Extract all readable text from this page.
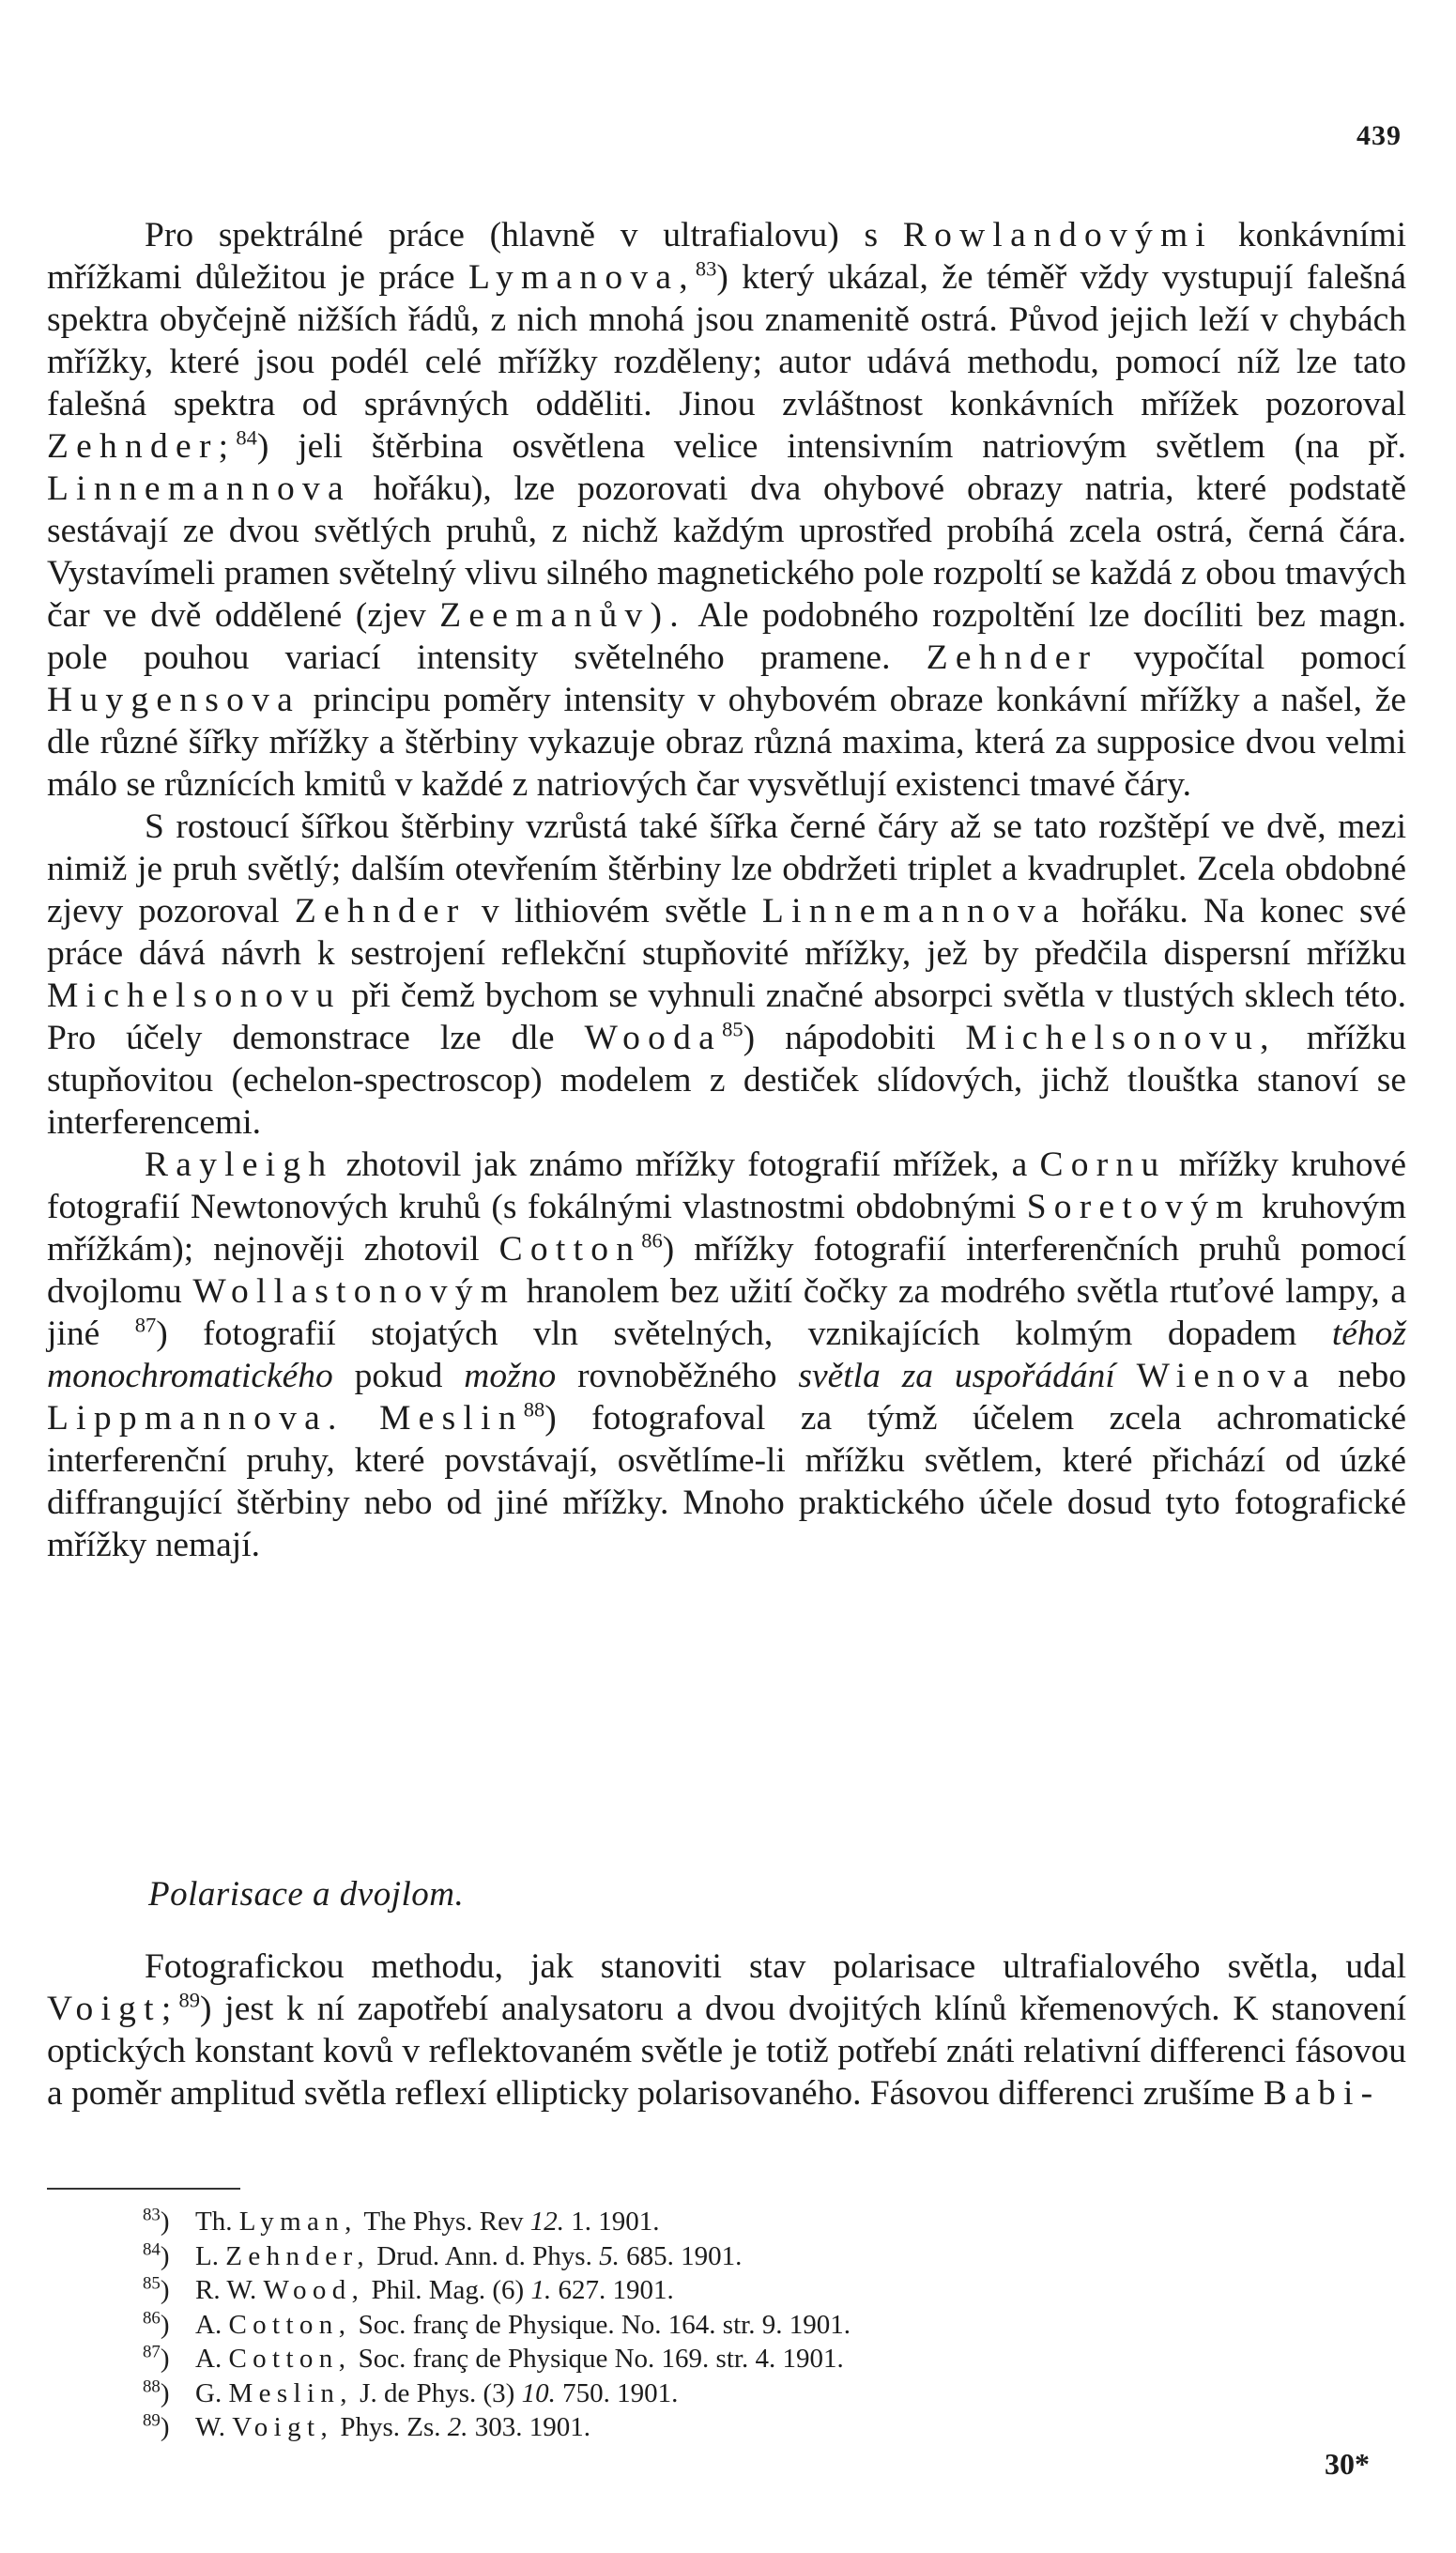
439

Pro spektrálné práce (hlavně v ultrafialovu) s Rowlandovými konkávními mřížkami důležitou je práce Lymanova,$^{83}$) který ukázal, že téměř vždy vystupují falešná spektra obyčejně nižších řádů, z nich mnohá jsou znamenitě ostrá. Původ jejich leží v chybách mřížky, které jsou podél celé mřížky rozděleny; autor udává methodu, pomocí níž lze tato falešná spektra od správných odděliti. Jinou zvláštnost konkávních mřížek pozoroval Zehnder;$^{84}$) jeli štěrbina osvětlena velice intensivním natriovým světlem (na př. Linnemannova hořáku), lze pozorovati dva ohybové obrazy natria, které podstatě sestávají ze dvou světlých pruhů, z nichž každým uprostřed probíhá zcela ostrá, černá čára. Vystavímeli pramen světelný vlivu silného magnetického pole rozpoltí se každá z obou tmavých čar ve dvě oddělené (zjev Zeemanův). Ale podobného rozpoltění lze docíliti bez magn. pole pouhou variací intensity světelného pramene. Zehnder vypočítal pomocí Huygensova principu poměry intensity v ohybovém obraze konkávní mřížky a našel, že dle různé šířky mřížky a štěrbiny vykazuje obraz různá maxima, která za supposice dvou velmi málo se různících kmitů v každé z natriových čar vysvětlují existenci tmavé čáry.

S rostoucí šířkou štěrbiny vzrůstá také šířka černé čáry až se tato rozštěpí ve dvě, mezi nimiž je pruh světlý; dalším otevřením štěrbiny lze obdržeti triplet a kvadruplet. Zcela obdobné zjevy pozoroval Zehnder v lithiovém světle Linnemannova hořáku. Na konec své práce dává návrh k sestrojení reflekční stupňovité mřížky, jež by předčila dispersní mřížku Michelsonovu při čemž bychom se vyhnuli značné absorpci světla v tlustých sklech této. Pro účely demonstrace lze dle Wooda$^{85}$) nápodobiti Michelsonovu, mřížku stupňovitou (echelon-spectroscop) modelem z destiček slídových, jichž tlouštka stanoví se interferencemi.

Rayleigh zhotovil jak známo mřížky fotografií mřížek, a Cornu mřížky kruhové fotografií Newtonových kruhů (s fokálnými vlastnostmi obdobnými Soretovým kruhovým mřížkám); nejnověji zhotovil Cotton$^{86}$) mřížky fotografií interferenčních pruhů pomocí dvojlomu Wollastonovým hranolem bez užití čočky za modrého světla rtuťové lampy, a jiné $^{87}$) fotografií stojatých vln světelných, vznikajících kolmým dopadem téhož monochromatického pokud možno rovnoběžného světla za uspořádání Wienova nebo Lippmannova. Meslin$^{88}$) fotografoval za týmž účelem zcela achromatické interferenční pruhy, které povstávají, osvětlíme-li mřížku světlem, které přichází od úzké diffrangující štěrbiny nebo od jiné mřížky. Mnoho praktického účele dosud tyto fotografické mřížky nemají.

Polarisace a dvojlom.

Fotografickou methodu, jak stanoviti stav polarisace ultrafialového světla, udal Voigt;$^{89}$) jest k ní zapotřebí analysatoru a dvou dvojitých klínů křemenových. K stanovení optických konstant kovů v reflektovaném světle je totiž potřebí znáti relativní differenci fásovou a poměr amplitud světla reflexí ellipticky polarisovaného. Fásovou differenci zrušíme Babi-

$^{83}$) Th. Lyman, The Phys. Rev 12. 1. 1901.
$^{84}$) L. Zehnder, Drud. Ann. d. Phys. 5. 685. 1901.
$^{85}$) R. W. Wood, Phil. Mag. (6) 1. 627. 1901.
$^{86}$) A. Cotton, Soc. franç de Physique. No. 164. str. 9. 1901.
$^{87}$) A. Cotton, Soc. franç de Physique No. 169. str. 4. 1901.
$^{88}$) G. Meslin, J. de Phys. (3) 10. 750. 1901.
$^{89}$) W. Voigt, Phys. Zs. 2. 303. 1901.
30*
